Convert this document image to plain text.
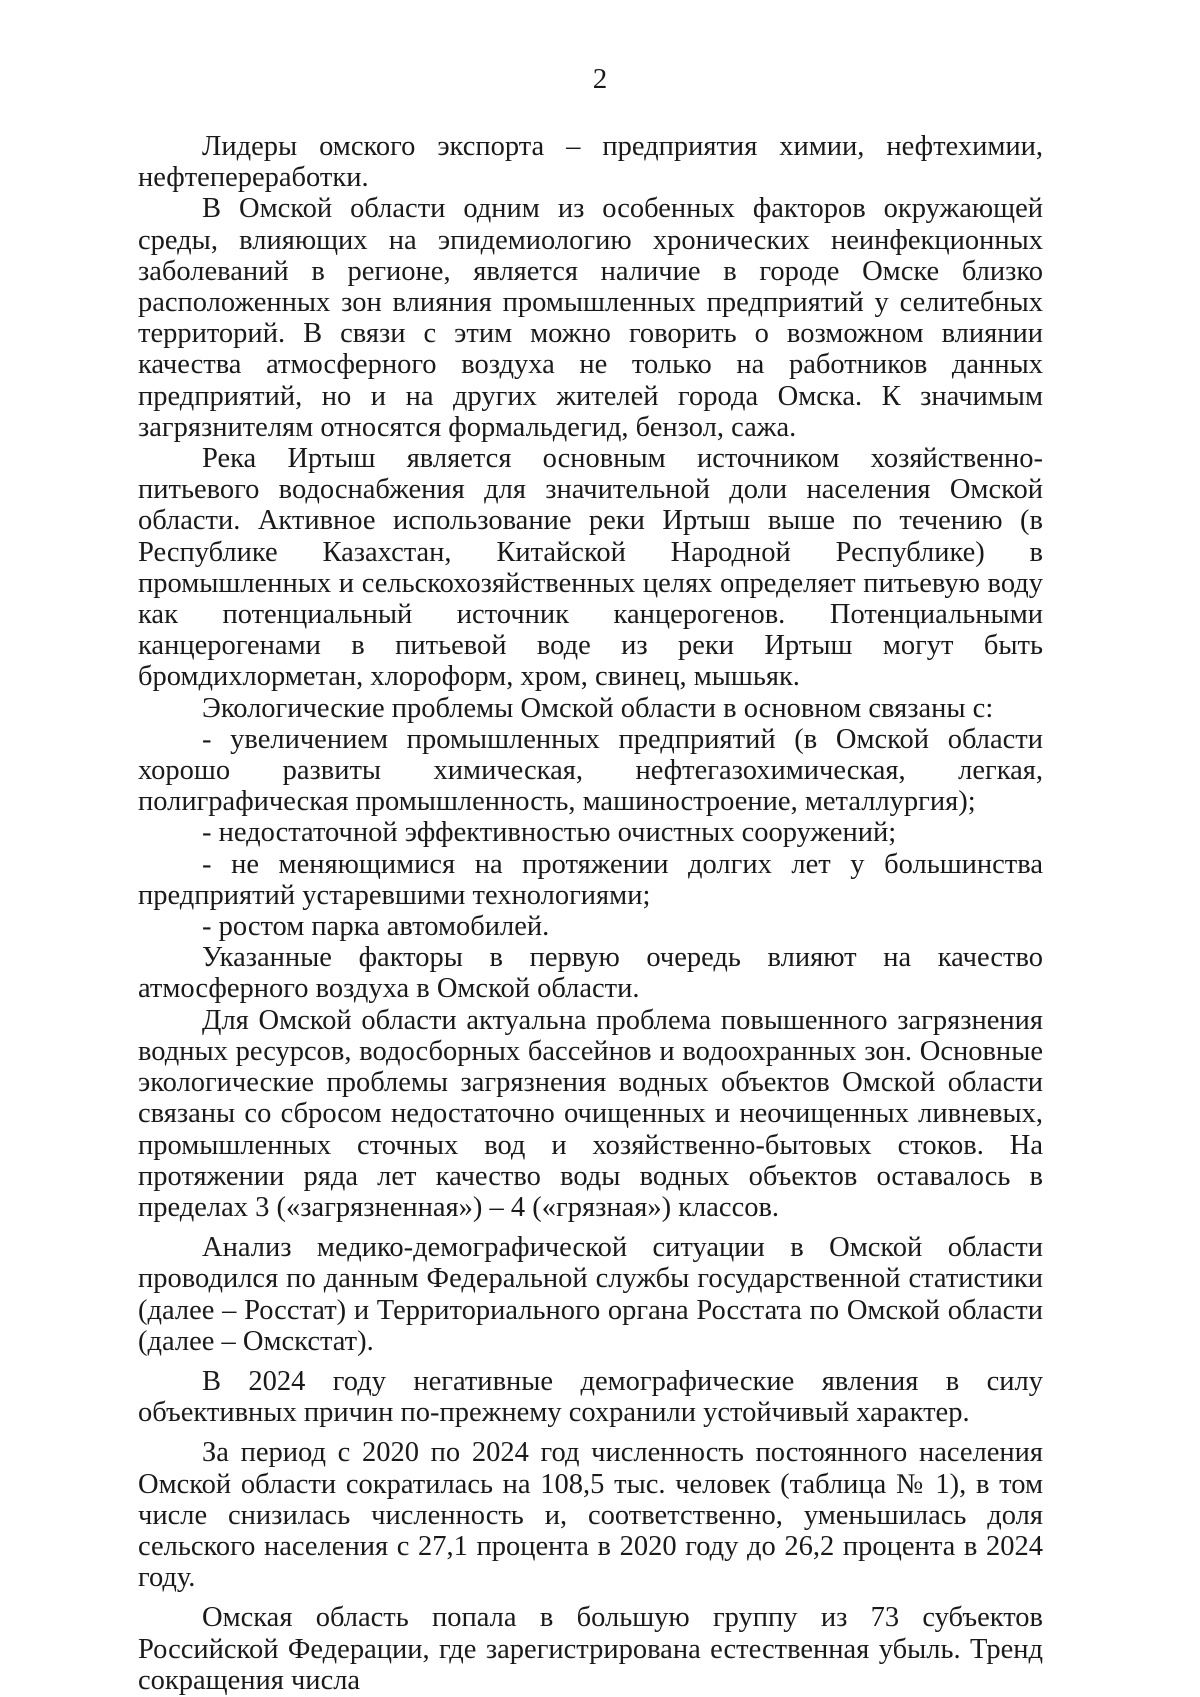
2

Лидеры омского экспорта – предприятия химии, нефтехимии, нефтепереработки.

В Омской области одним из особенных факторов окружающей среды, влияющих на эпидемиологию хронических неинфекционных заболеваний в регионе, является наличие в городе Омске близко расположенных зон влияния промышленных предприятий у селитебных территорий. В связи с этим можно говорить о возможном влиянии качества атмосферного воздуха не только на работников данных предприятий, но и на других жителей города Омска. К значимым загрязнителям относятся формальдегид, бензол, сажа.

Река Иртыш является основным источником хозяйственно-питьевого водоснабжения для значительной доли населения Омской области. Активное использование реки Иртыш выше по течению (в Республике Казахстан, Китайской Народной Республике) в промышленных и сельскохозяйственных целях определяет питьевую воду как потенциальный источник канцерогенов. Потенциальными канцерогенами в питьевой воде из реки Иртыш могут быть бромдихлорметан, хлороформ, хром, свинец, мышьяк.

Экологические проблемы Омской области в основном связаны с:

- увеличением промышленных предприятий (в Омской области хорошо развиты химическая, нефтегазохимическая, легкая, полиграфическая промышленность, машиностроение, металлургия);

- недостаточной эффективностью очистных сооружений;

- не меняющимися на протяжении долгих лет у большинства предприятий устаревшими технологиями;

- ростом парка автомобилей.

Указанные факторы в первую очередь влияют на качество атмосферного воздуха в Омской области.

Для Омской области актуальна проблема повышенного загрязнения водных ресурсов, водосборных бассейнов и водоохранных зон. Основные экологические проблемы загрязнения водных объектов Омской области связаны со сбросом недостаточно очищенных и неочищенных ливневых, промышленных сточных вод и хозяйственно-бытовых стоков. На протяжении ряда лет качество воды водных объектов оставалось в пределах 3 («загрязненная») – 4 («грязная») классов.

Анализ медико-демографической ситуации в Омской области проводился по данным Федеральной службы государственной статистики (далее – Росстат) и Территориального органа Росстата по Омской области (далее – Омскстат).

В 2024 году негативные демографические явления в силу объективных причин по-прежнему сохранили устойчивый характер.

За период с 2020 по 2024 год численность постоянного населения Омской области сократилась на 108,5 тыс. человек (таблица № 1), в том числе снизилась численность и, соответственно, уменьшилась доля сельского населения с 27,1 процента в 2020 году до 26,2 процента в 2024 году.

Омская область попала в большую группу из 73 субъектов Российской Федерации, где зарегистрирована естественная убыль. Тренд сокращения числа
